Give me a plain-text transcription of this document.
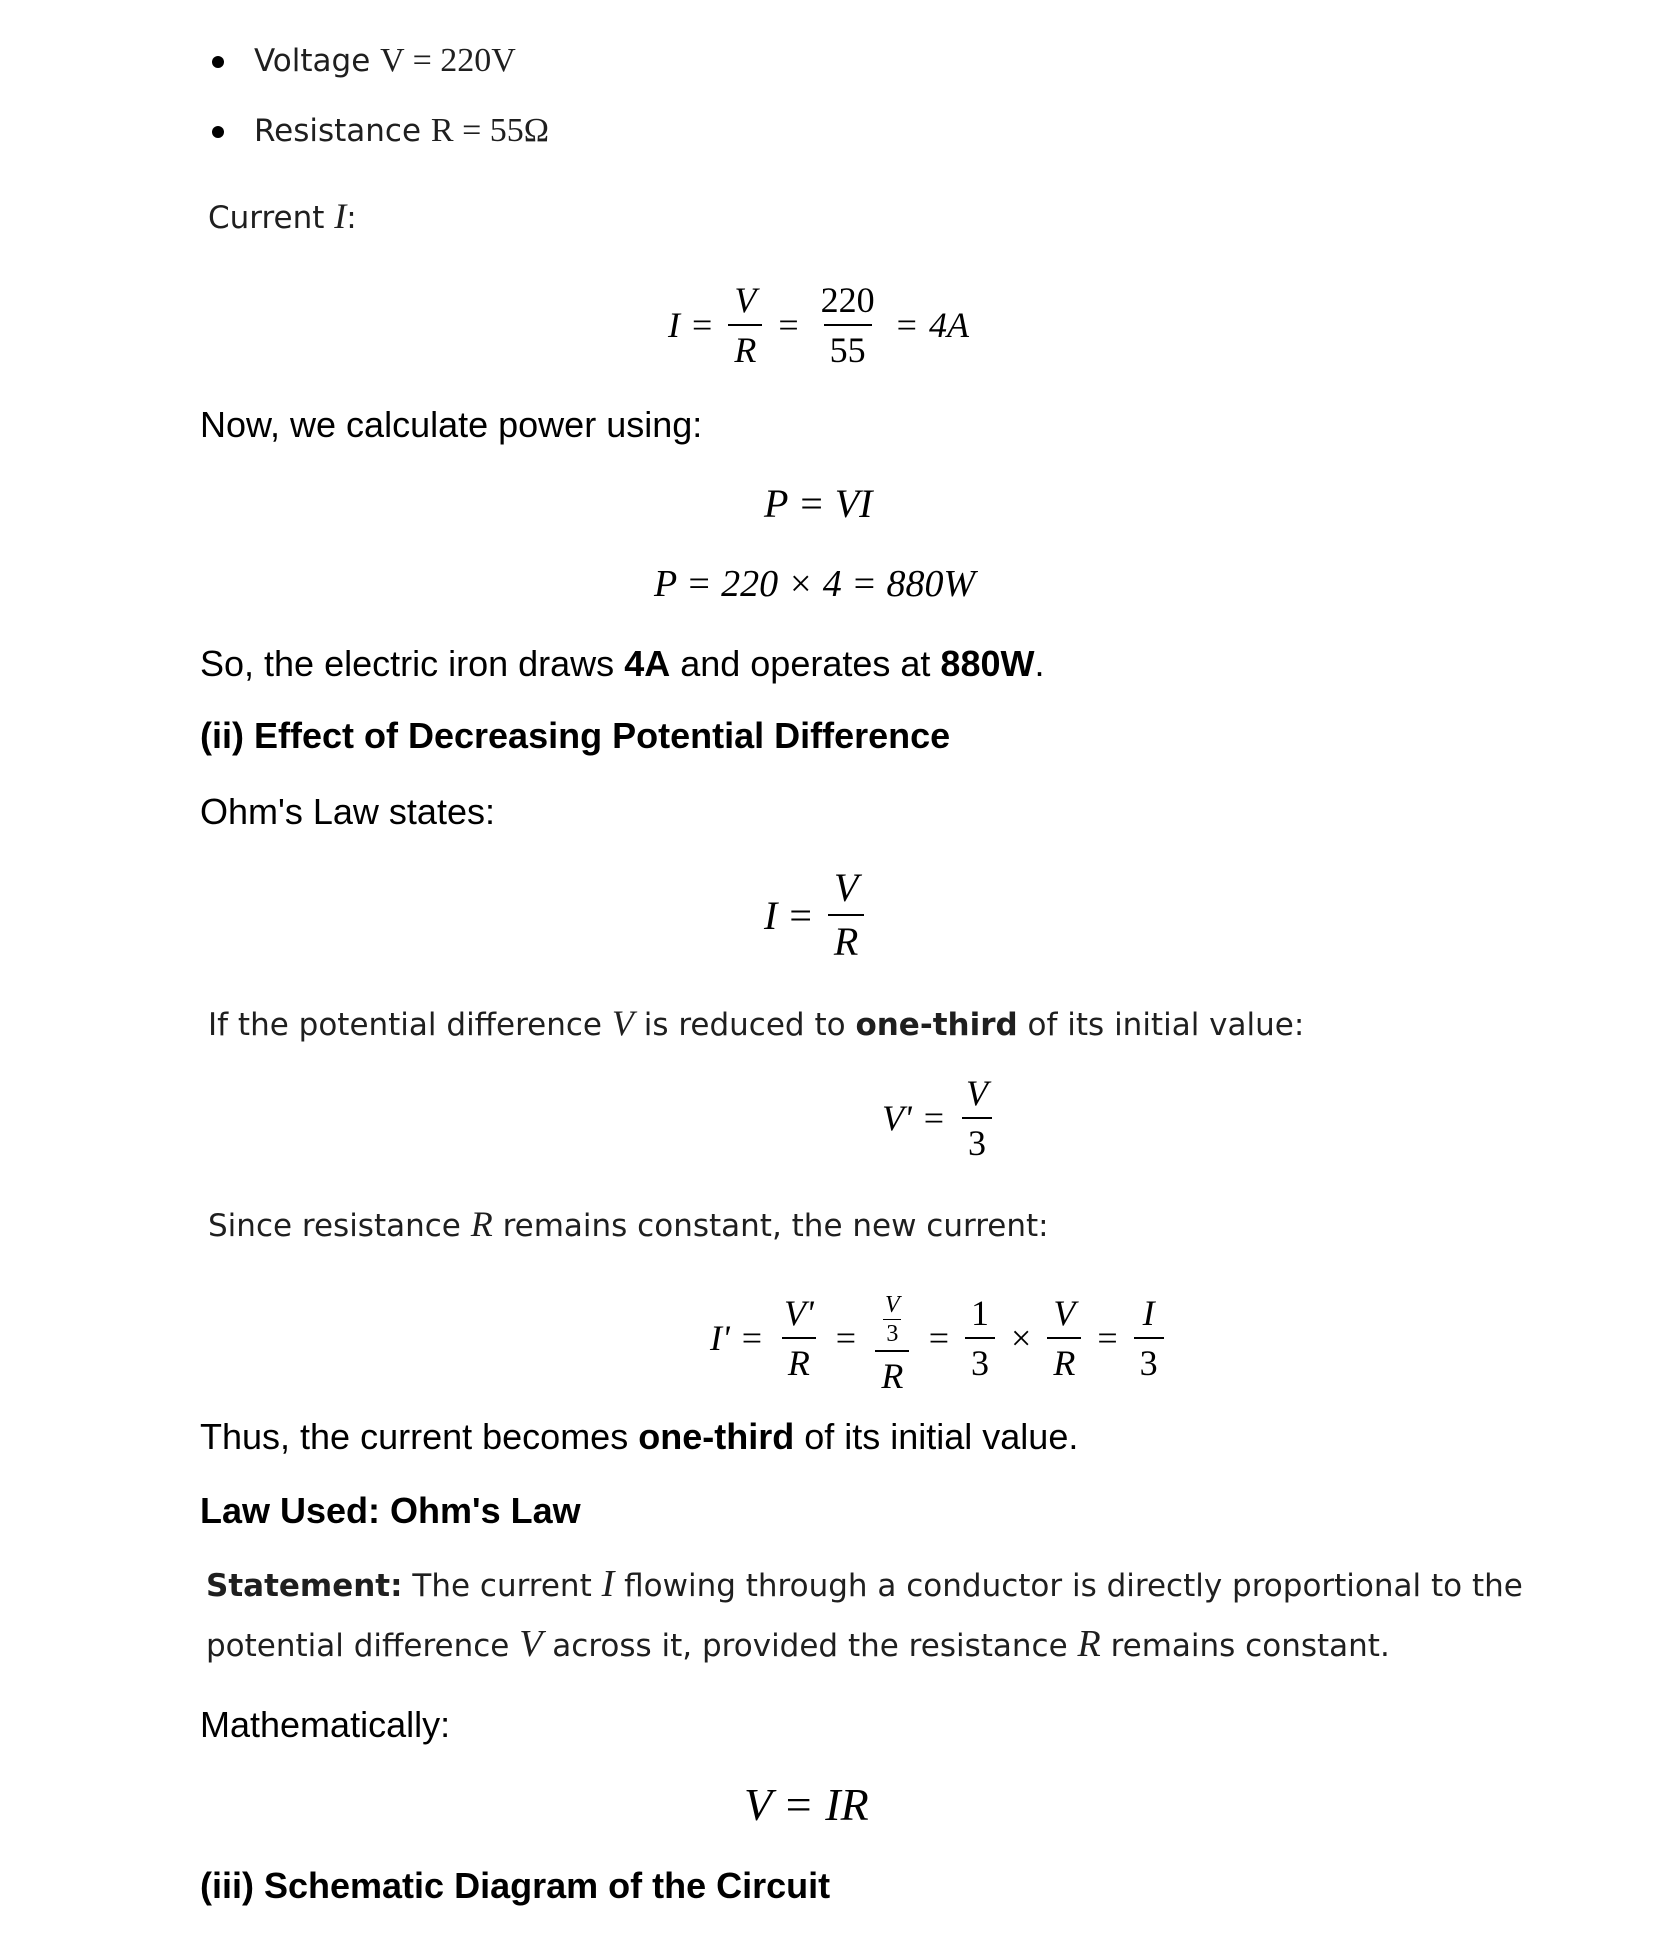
Voltage V = 220V
Resistance R = 55Ω
Current I:
$I = \frac{V}{R} = \frac{220}{55} = 4A$
Now, we calculate power using:
P = VI
P = 220 × 4 = 880W
So, the electric iron draws 4A and operates at 880W.
(ii) Effect of Decreasing Potential Difference
Ohm's Law states:
$I = \frac{V}{R}$
If the potential difference V is reduced to one-third of its initial value:
$V' = \frac{V}{3}$
Since resistance R remains constant, the new current:
$I' = \frac{V'}{R} = \frac{\frac{V}{3}}{R} = \frac{1}{3} \times \frac{V}{R} = \frac{I}{3}$
Thus, the current becomes one-third of its initial value.
Law Used: Ohm's Law
Statement: The current I flowing through a conductor is directly proportional to the
potential difference V across it, provided the resistance R remains constant.
Mathematically:
V = IR
(iii) Schematic Diagram of the Circuit
